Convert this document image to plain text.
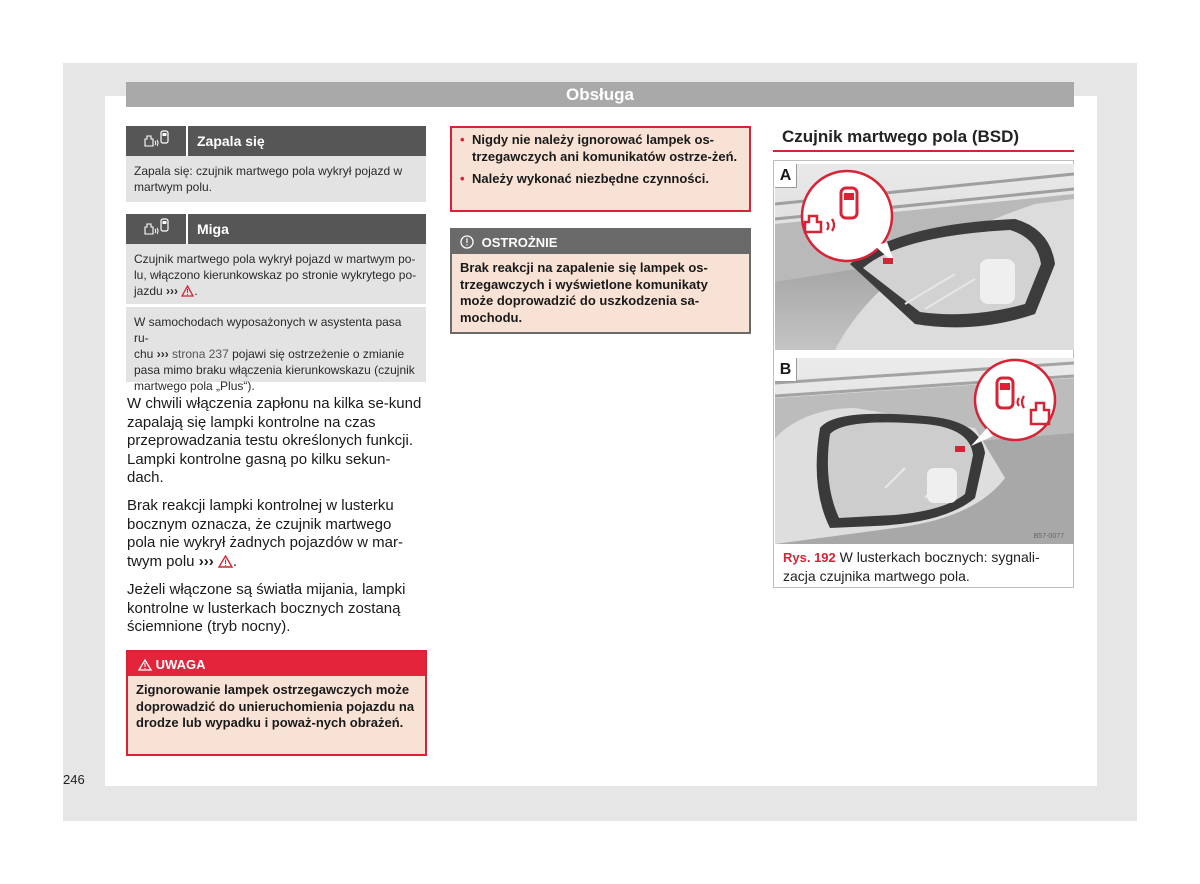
Obsługa
Zapala się
Zapala się: czujnik martwego pola wykrył pojazd w martwym polu.
Miga
Czujnik martwego pola wykrył pojazd w martwym po-
lu, włączono kierunkowskaz po stronie wykrytego po-
jazdu ››› .
W samochodach wyposażonych w asystenta pasa ru-
chu ››› strona 237 pojawi się ostrzeżenie o zmianie pasa mimo braku włączenia kierunkowskazu (czujnik martwego pola „Plus“).
W chwili włączenia zapłonu na kilka se-kund zapalają się lampki kontrolne na czas przeprowadzania testu określonych funkcji. Lampki kontrolne gasną po kilku sekun-dach.
Brak reakcji lampki kontrolnej w lusterku
bocznym oznacza, że czujnik martwego
pola nie wykrył żadnych pojazdów w mar-
twym polu ››› .
Jeżeli włączone są światła mijania, lampki kontrolne w lusterkach bocznych zostaną ściemnione (tryb nocny).
UWAGA
Zignorowanie lampek ostrzegawczych może doprowadzić do unieruchomienia pojazdu na drodze lub wypadku i poważ-nych obrażeń.
• Nigdy nie należy ignorować lampek os-trzegawczych ani komunikatów ostrze-żeń.
• Należy wykonać niezbędne czynności.
OSTROŻNIE
Brak reakcji na zapalenie się lampek os-trzegawczych i wyświetlone komunikaty może doprowadzić do uszkodzenia sa-mochodu.
Czujnik martwego pola (BSD)
A
B57-0077
B
Rys. 192 W lusterkach bocznych: sygnali-zacja czujnika martwego pola.
246
